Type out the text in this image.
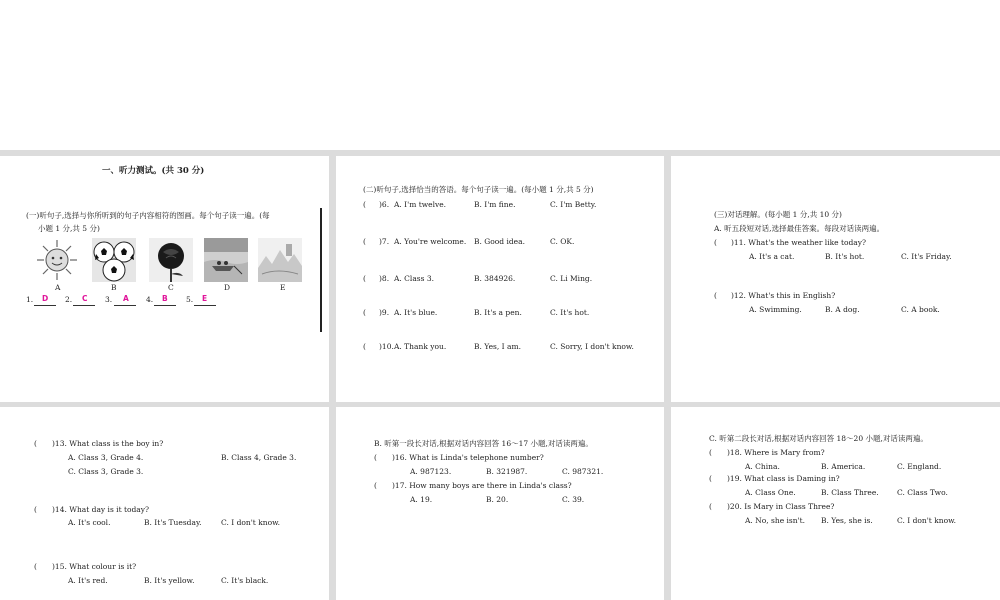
一、听力测试。(共 30 分)
(一)听句子,选择与你所听到的句子内容相符的图画。每个句子读一遍。(每
小题 1 分,共 5 分)
A	B	C	D	E
1. D 2. C 3. A 4. B 5. E
(二)听句子,选择恰当的答语。每个句子读一遍。(每小题 1 分,共 5 分)
( )6. A. I'm twelve.	B. I'm fine.	C. I'm Betty.
( )7. A. You're welcome. B. Good idea.	C. OK.
( )8. A. Class 3.	B. 384926.	C. Li Ming.
( )9. A. It's blue.	B. It's a pen.	C. It's hot.
( )10. A. Thank you.	B. Yes, I am.	C. Sorry, I don't know.
(三)对话理解。(每小题 1 分,共 10 分)
A. 听五段短对话,选择最佳答案。每段对话读两遍。
( )11. What's the weather like today?
A. It's a cat.	B. It's hot.	C. It's Friday.
( )12. What's this in English?
A. Swimming.	B. A dog.	C. A book.
( )13. What class is the boy in?
A. Class 3, Grade 4.	B. Class 4, Grade 3.
C. Class 3, Grade 3.
( )14. What day is it today?
A. It's cool.	B. It's Tuesday.	C. I don't know.
( )15. What colour is it?
A. It's red.	B. It's yellow.	C. It's black.
B. 听第一段长对话,根据对话内容回答 16～17 小题,对话读两遍。
( )16. What is Linda's telephone number?
A. 987123.	B. 321987.	C. 987321.
( )17. How many boys are there in Linda's class?
A. 19.	B. 20.	C. 39.
C. 听第二段长对话,根据对话内容回答 18～20 小题,对话读两遍。
( )18. Where is Mary from?
A. China.	B. America.	C. England.
( )19. What class is Daming in?
A. Class One.	B. Class Three. C. Class Two.
( )20. Is Mary in Class Three?
A. No, she isn't. B. Yes, she is.	C. I don't know.
